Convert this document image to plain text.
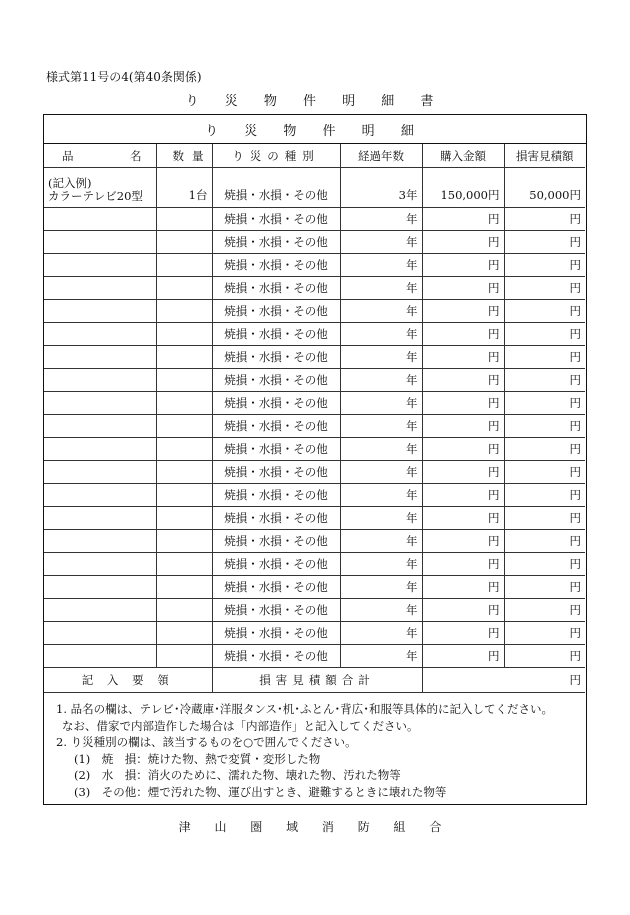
様式第11号の4(第40条関係)
り 災 物 件 明 細 書
り 災 物 件 明 細
品 名	数 量	り災の種別	経過年数	購入金額	損害見積額

(記入例)
カラーテレビ20型	1台	焼損・水損・その他	3年	150,000円	50,000円
		焼損・水損・その他	年	円	円
		焼損・水損・その他	年	円	円
		焼損・水損・その他	年	円	円
		焼損・水損・その他	年	円	円
		焼損・水損・その他	年	円	円
		焼損・水損・その他	年	円	円
		焼損・水損・その他	年	円	円
		焼損・水損・その他	年	円	円
		焼損・水損・その他	年	円	円
		焼損・水損・その他	年	円	円
		焼損・水損・その他	年	円	円
		焼損・水損・その他	年	円	円
		焼損・水損・その他	年	円	円
		焼損・水損・その他	年	円	円
		焼損・水損・その他	年	円	円
		焼損・水損・その他	年	円	円
		焼損・水損・その他	年	円	円
		焼損・水損・その他	年	円	円
		焼損・水損・その他	年	円	円
		焼損・水損・その他	年	円	円
記 入 要 領		損害見積額合計		円	
1. 品名の欄は、テレビ･冷蔵庫･洋服タンス･机･ふとん･背広･和服等具体的に記入してください。
なお、借家で内部造作した場合は「内部造作」と記入してください。
2. り災種別の欄は、該当するものを○で囲んでください。
(1)　焼　損：焼けた物、熱で変質・変形した物
(2)　水　損：消火のために、濡れた物、壊れた物、汚れた物等
(3)　その他：煙で汚れた物、運び出すとき、避難するときに壊れた物等
津 山 圏 域 消 防 組 合
